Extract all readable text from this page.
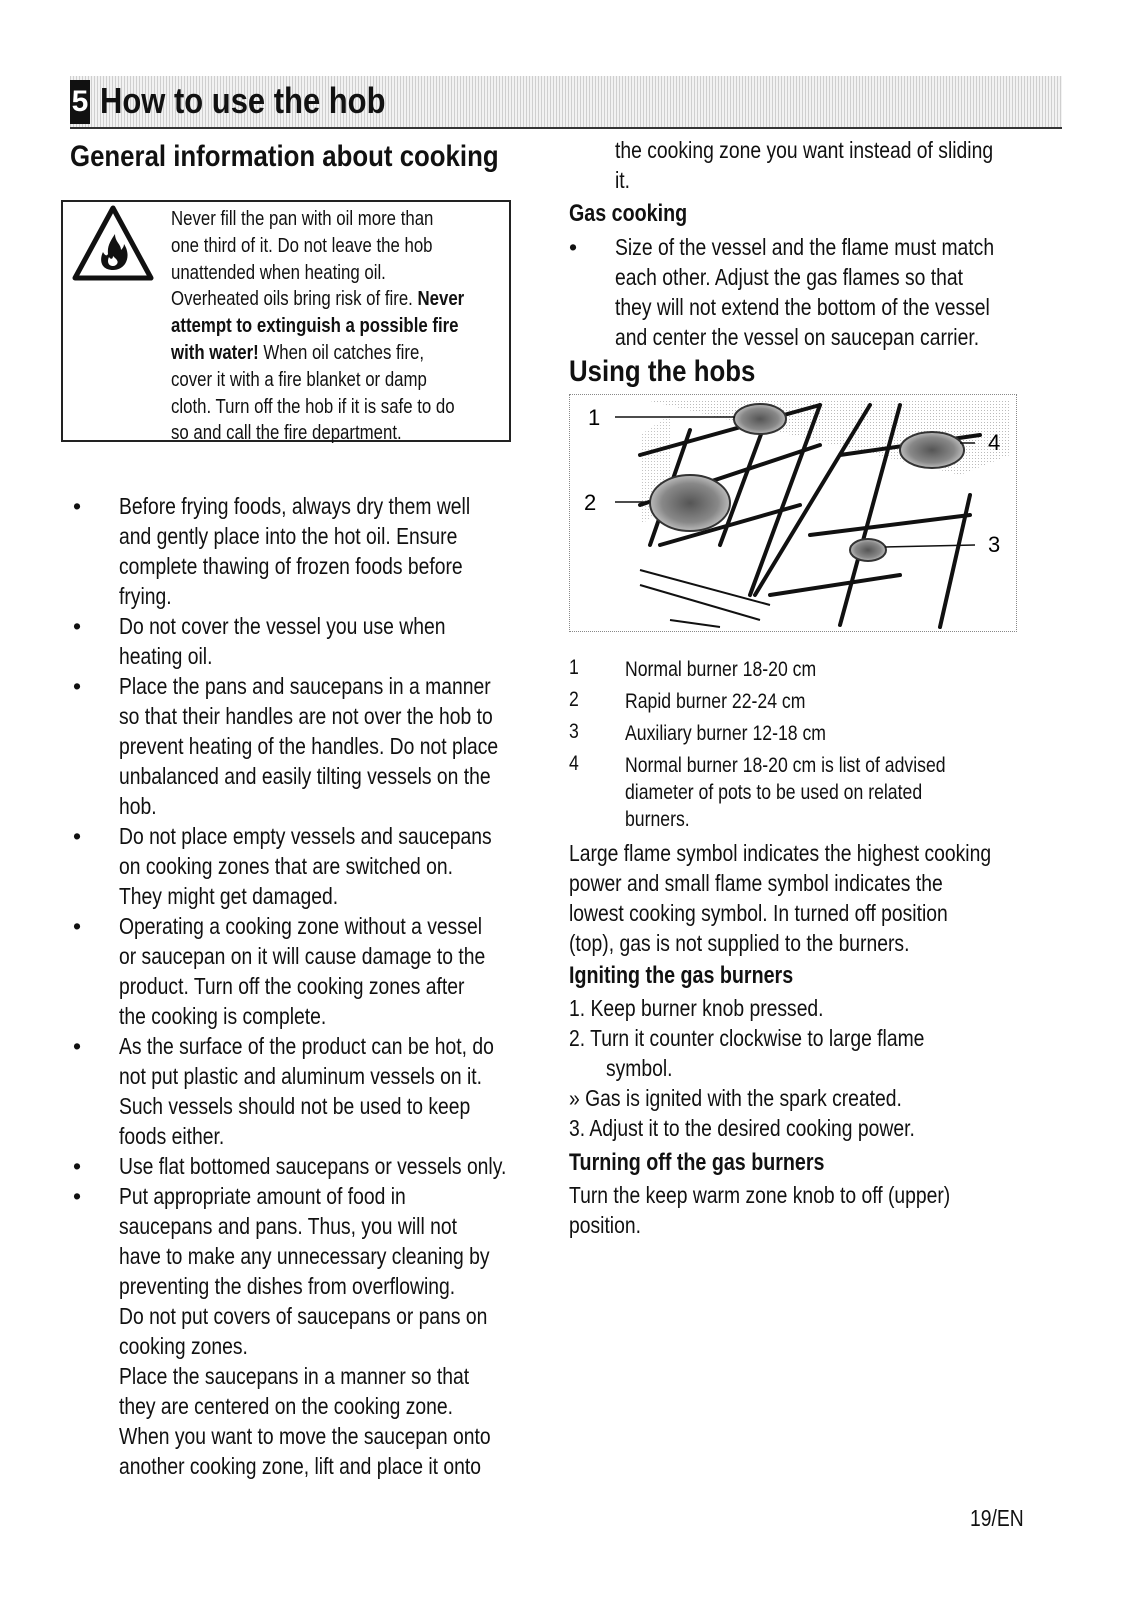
5 How to use the hob
General information about cooking
Never fill the pan with oil more than
one third of it. Do not leave the hob
unattended when heating oil.
Overheated oils bring risk of fire. Never
attempt to extinguish a possible fire
with water! When oil catches fire,
cover it with a fire blanket or damp
cloth. Turn off the hob if it is safe to do
so and call the fire department.
• Before frying foods, always dry them well
and gently place into the hot oil. Ensure
complete thawing of frozen foods before
frying.
• Do not cover the vessel you use when
heating oil.
• Place the pans and saucepans in a manner
so that their handles are not over the hob to
prevent heating of the handles. Do not place
unbalanced and easily tilting vessels on the
hob.
• Do not place empty vessels and saucepans
on cooking zones that are switched on.
They might get damaged.
• Operating a cooking zone without a vessel
or saucepan on it will cause damage to the
product. Turn off the cooking zones after
the cooking is complete.
• As the surface of the product can be hot, do
not put plastic and aluminum vessels on it.
Such vessels should not be used to keep
foods either.
• Use flat bottomed saucepans or vessels only.
• Put appropriate amount of food in
saucepans and pans. Thus, you will not
have to make any unnecessary cleaning by
preventing the dishes from overflowing.
Do not put covers of saucepans or pans on
cooking zones.
Place the saucepans in a manner so that
they are centered on the cooking zone.
When you want to move the saucepan onto
another cooking zone, lift and place it onto
the cooking zone you want instead of sliding
it.
Gas cooking
• Size of the vessel and the flame must match
each other. Adjust the gas flames so that
they will not extend the bottom of the vessel
and center the vessel on saucepan carrier.
Using the hobs
1
2
3
4
1 Normal burner 18-20 cm
2 Rapid burner 22-24 cm
3 Auxiliary burner 12-18 cm
4 Normal burner 18-20 cm is list of advised
diameter of pots to be used on related
burners.
Large flame symbol indicates the highest cooking
power and small flame symbol indicates the
lowest cooking symbol. In turned off position
(top), gas is not supplied to the burners.
Igniting the gas burners
1. Keep burner knob pressed.
2. Turn it counter clockwise to large flame
symbol.
» Gas is ignited with the spark created.
3. Adjust it to the desired cooking power.
Turning off the gas burners
Turn the keep warm zone knob to off (upper)
position.
19/EN
